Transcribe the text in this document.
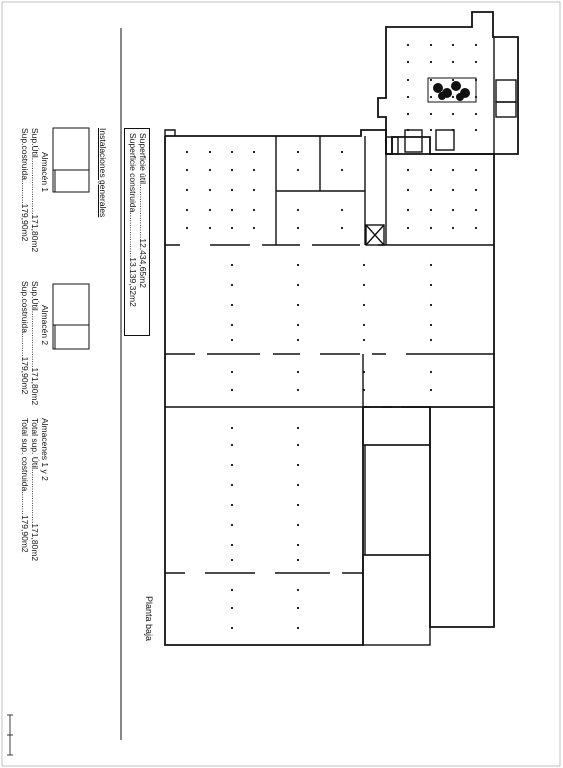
Planta baja
Superficie útil.......................12.434,65m2
Superficie construida...................13.139,32m2
Instalaciones generales
Almacén 1
Sup.Útil........................171,80m2
Sup.costruida..........179,90m2
Almacén 2
Sup.Útil........................171,80m2
Sup.costruida..........179,90m2
Almacenes 1 y 2
Total sup. Útil.......................171,80m2
Total sup. costruida..........179,90m2
